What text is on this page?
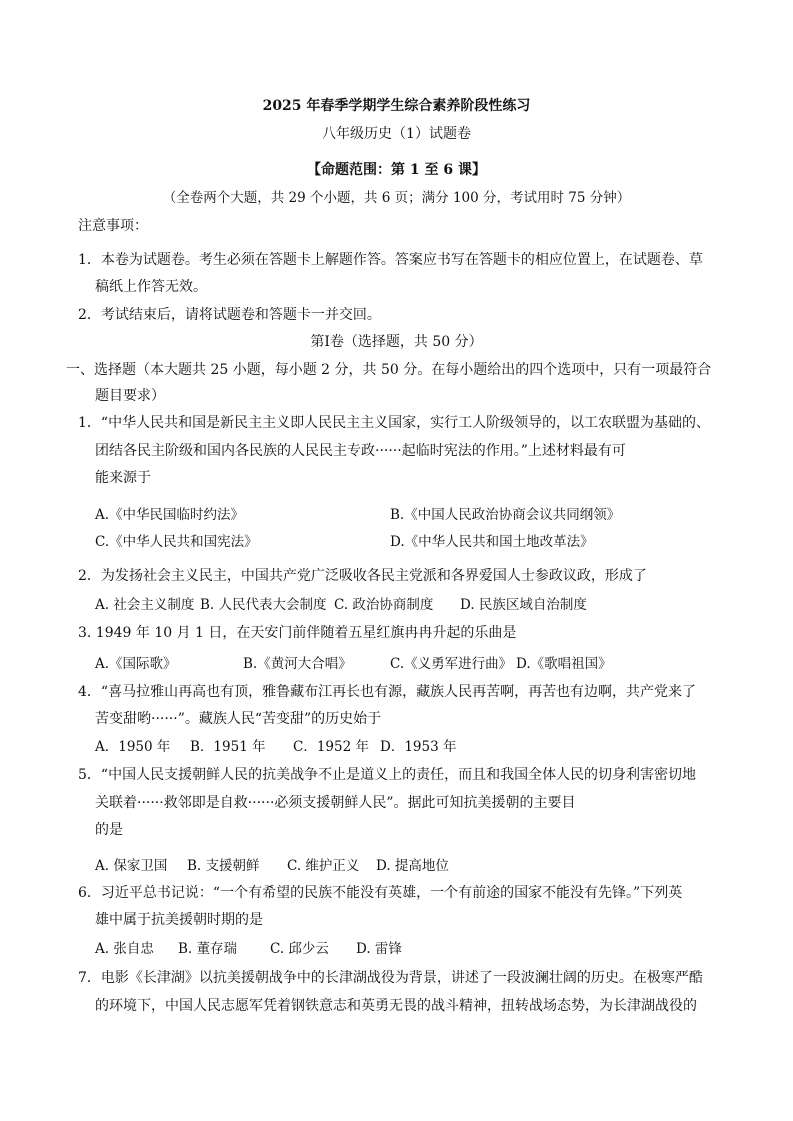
2025 年春季学期学生综合素养阶段性练习
八年级历史（1）试题卷
【命题范围：第 1 至 6 课】
（全卷两个大题，共 29 个小题，共 6 页；满分 100 分，考试用时 75 分钟）
注意事项：
1．本卷为试题卷。考生必须在答题卡上解题作答。答案应书写在答题卡的相应位置上，在试题卷、草
稿纸上作答无效。
2．考试结束后，请将试题卷和答题卡一并交回。
第Ⅰ卷（选择题，共 50 分）
一、选择题（本大题共 25 小题，每小题 2 分，共 50 分。在每小题给出的四个选项中，只有一项最符合
题目要求）
1．“中华人民共和国是新民主主义即人民民主主义国家，实行工人阶级领导的，以工农联盟为基础的、
团结各民主阶级和国内各民族的人民民主专政······起临时宪法的作用。”上述材料最有可
能来源于
A.《中华民国临时约法》	B.《中国人民政治协商会议共同纲领》
C.《中华人民共和国宪法》	D.《中华人民共和国土地改革法》
2．为发扬社会主义民主，中国共产党广泛吸收各民主党派和各界爱国人士参政议政，形成了
A. 社会主义制度 B. 人民代表大会制度 C. 政治协商制度 D. 民族区域自治制度
3. 1949 年 10 月 1 日，在天安门前伴随着五星红旗冉冉升起的乐曲是
A.《国际歌》	B.《黄河大合唱》	C.《义勇军进行曲》 D.《歌唱祖国》
4．“喜马拉雅山再高也有顶，雅鲁藏布江再长也有源，藏族人民再苦啊，再苦也有边啊，共产党来了
苦变甜哟······”。藏族人民“苦变甜”的历史始于
A．1950 年 B．1951 年 C．1952 年 D．1953 年
5．“中国人民支援朝鲜人民的抗美战争不止是道义上的责任，而且和我国全体人民的切身利害密切地
关联着······救邻即是自救······必须支援朝鲜人民”。据此可知抗美援朝的主要目
的是
A. 保家卫国 B. 支援朝鲜 C. 维护正义 D. 提高地位
6．习近平总书记说：“一个有希望的民族不能没有英雄，一个有前途的国家不能没有先锋。”下列英
雄中属于抗美援朝时期的是
A. 张自忠 B. 董存瑞 C. 邱少云 D. 雷锋
7．电影《长津湖》以抗美援朝战争中的长津湖战役为背景，讲述了一段波澜壮阔的历史。在极寒严酷
的环境下，中国人民志愿军凭着钢铁意志和英勇无畏的战斗精神，扭转战场态势，为长津湖战役的
